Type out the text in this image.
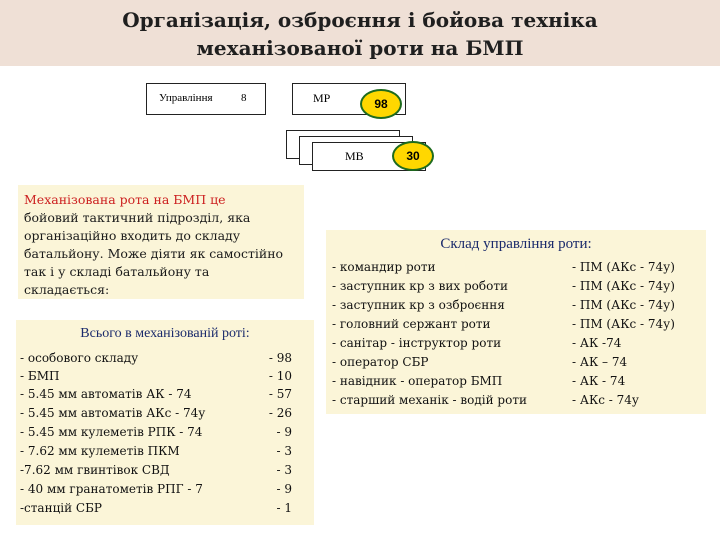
Організація, озброєння і бойова техніка
механізованої роти на БМП
Управління	8	МР	98
МВ	30
Механізована рота на БМП це
бойовий тактичний підрозділ, яка
організаційно входить до складу
батальйону. Може діяти як самостійно
так і у складі батальйону та
складається:
Всього в механізованій роті:
- особового складу	- 98
- БМП	- 10
- 5.45 мм автоматів АК - 74	- 57
- 5.45 мм автоматів АКс - 74у	- 26
- 5.45 мм кулеметів РПК - 74	- 9
- 7.62 мм кулеметів ПКМ	- 3
-7.62 мм гвинтівок СВД	- 3
- 40 мм гранатометів РПГ - 7	- 9
-станцій СБР	- 1
Склад управління роти:
- командир роти	- ПМ (АКс - 74у)
- заступник кр з вих роботи	- ПМ (АКс - 74у)
- заступник кр з озброєння	- ПМ (АКс - 74у)
- головний сержант роти	- ПМ (АКс - 74у)
- санітар - інструктор роти	- АК -74
- оператор СБР	- АК – 74
- навідник - оператор БМП	- АК - 74
- старший механік - водій роти	- АКс - 74у
